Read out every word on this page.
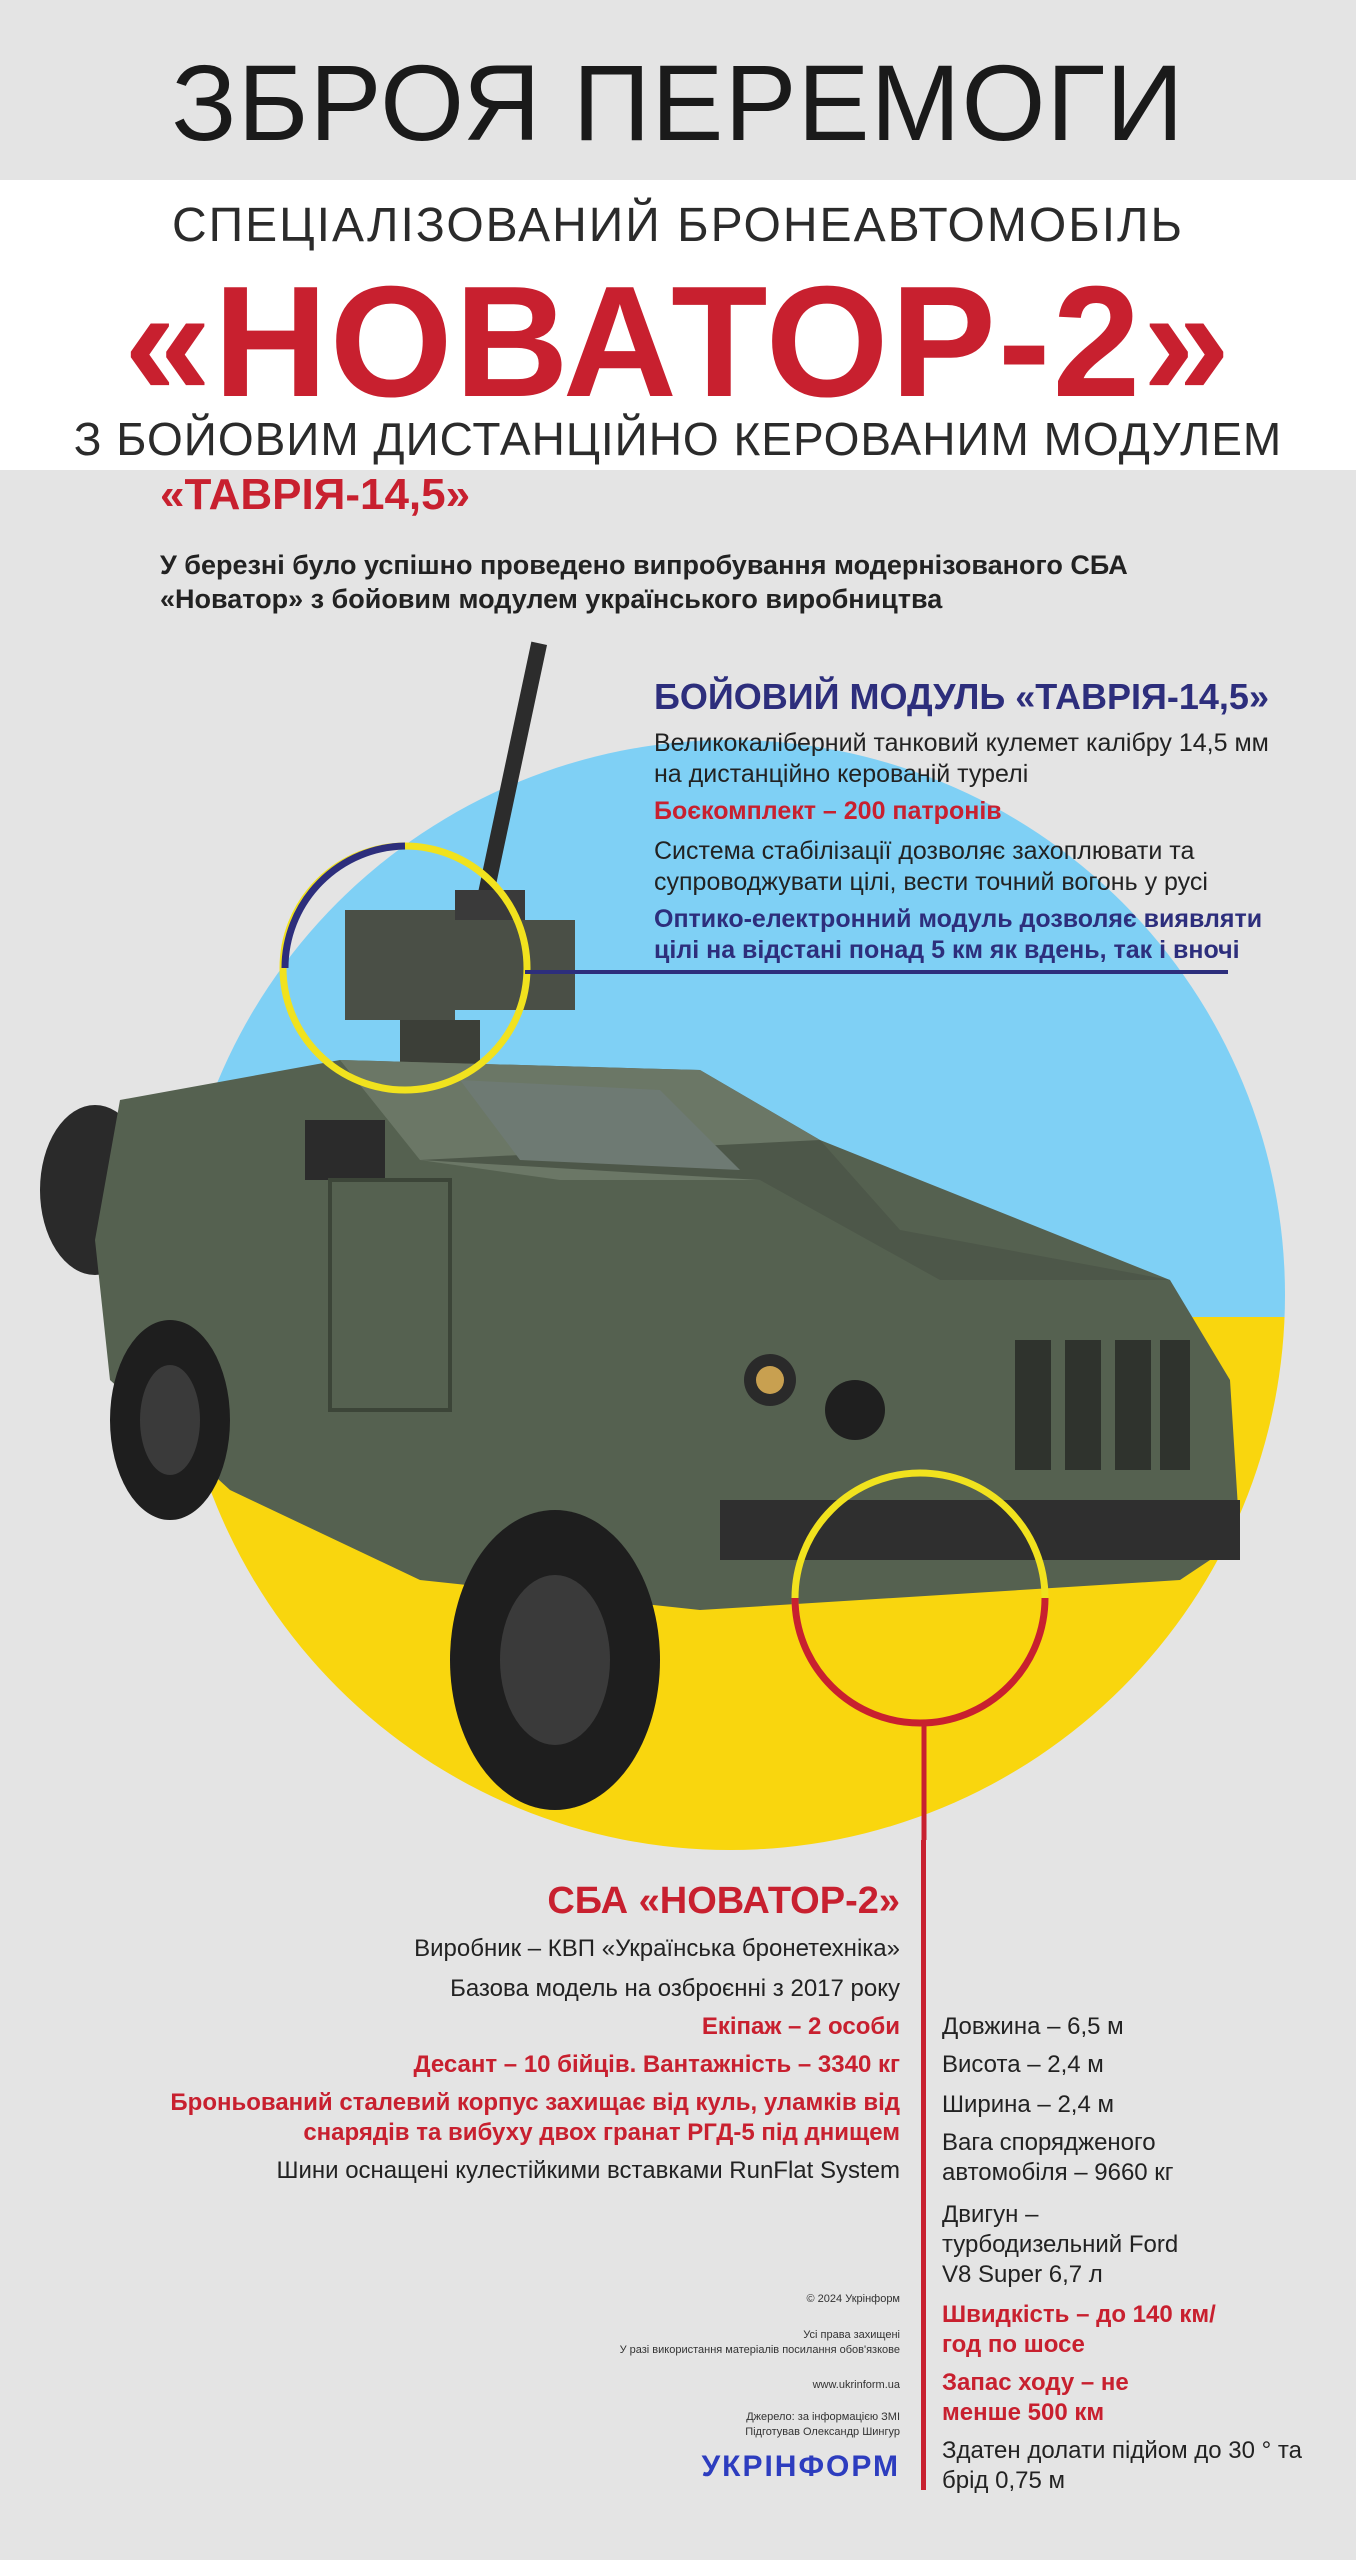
ЗБРОЯ ПЕРЕМОГИ
СПЕЦІАЛІЗОВАНИЙ БРОНЕАВТОМОБІЛЬ
«НОВАТОР-2»
З БОЙОВИМ ДИСТАНЦІЙНО КЕРОВАНИМ МОДУЛЕМ
«ТАВРІЯ-14,5»
У березні було успішно проведено випробування модернізованого СБА «Новатор» з бойовим модулем українського виробництва
БОЙОВИЙ МОДУЛЬ «ТАВРІЯ-14,5»
Великокаліберний танковий кулемет калібру 14,5 мм на дистанційно керованій турелі
Боєкомплект – 200 патронів
Система стабілізації дозволяє захоплювати та супроводжувати цілі, вести точний вогонь у русі
Оптико-електронний модуль дозволяє виявляти цілі на відстані понад 5 км як вдень, так і вночі
СБА «НОВАТОР-2»
Виробник – КВП «Українська бронетехніка»
Базова модель на озброєнні з 2017 року
Екіпаж – 2 особи
Десант – 10 бійців. Вантажність – 3340 кг
Броньований сталевий корпус захищає від куль, уламків від снарядів та вибуху двох гранат РГД-5 під днищем
Шини оснащені кулестійкими вставками RunFlat System
Довжина – 6,5 м
Висота – 2,4 м
Ширина – 2,4 м
Вага спорядженого автомобіля – 9660 кг
Двигун – турбодизельний Ford V8 Super 6,7 л
Швидкість – до 140 км/год по шосе
Запас ходу – не менше 500 км
Здатен долати підйом до 30 ° та брід 0,75 м
© 2024 Укрінформ
Усі права захищені
У разі використання матеріалів посилання обов'язкове
www.ukrinform.ua
Джерело: за інформацією ЗМІ
Підготував Олександр Шингур
УКРІНФОРМ
